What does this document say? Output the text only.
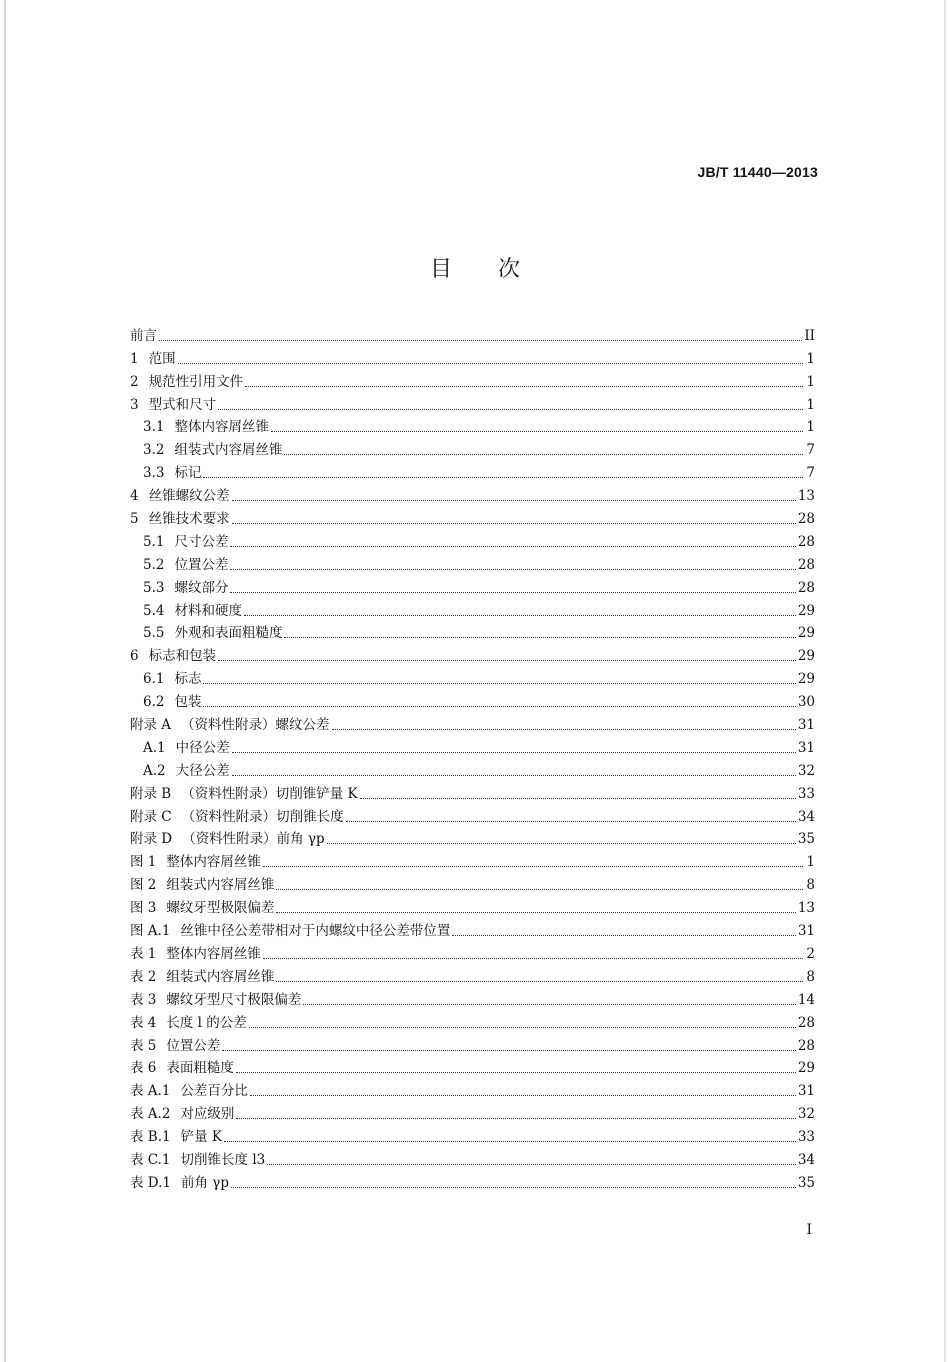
JB/T 11440—2013
目次
前言	II
1 范围	1
2 规范性引用文件	1
3 型式和尺寸	1
3.1 整体内容屑丝锥	1
3.2 组装式内容屑丝锥	7
3.3 标记	7
4 丝锥螺纹公差	13
5 丝锥技术要求	28
5.1 尺寸公差	28
5.2 位置公差	28
5.3 螺纹部分	28
5.4 材料和硬度	29
5.5 外观和表面粗糙度	29
6 标志和包装	29
6.1 标志	29
6.2 包装	30
附录 A （资料性附录）螺纹公差	31
A.1 中径公差	31
A.2 大径公差	32
附录 B （资料性附录）切削锥铲量 K	33
附录 C （资料性附录）切削锥长度	34
附录 D （资料性附录）前角 γp	35
图 1 整体内容屑丝锥	1
图 2 组装式内容屑丝锥	8
图 3 螺纹牙型极限偏差	13
图 A.1 丝锥中径公差带相对于内螺纹中径公差带位置	31
表 1 整体内容屑丝锥	2
表 2 组装式内容屑丝锥	8
表 3 螺纹牙型尺寸极限偏差	14
表 4 长度 l 的公差	28
表 5 位置公差	28
表 6 表面粗糙度	29
表 A.1 公差百分比	31
表 A.2 对应级别	32
表 B.1 铲量 K	33
表 C.1 切削锥长度 l3	34
表 D.1 前角 γp	35
I
